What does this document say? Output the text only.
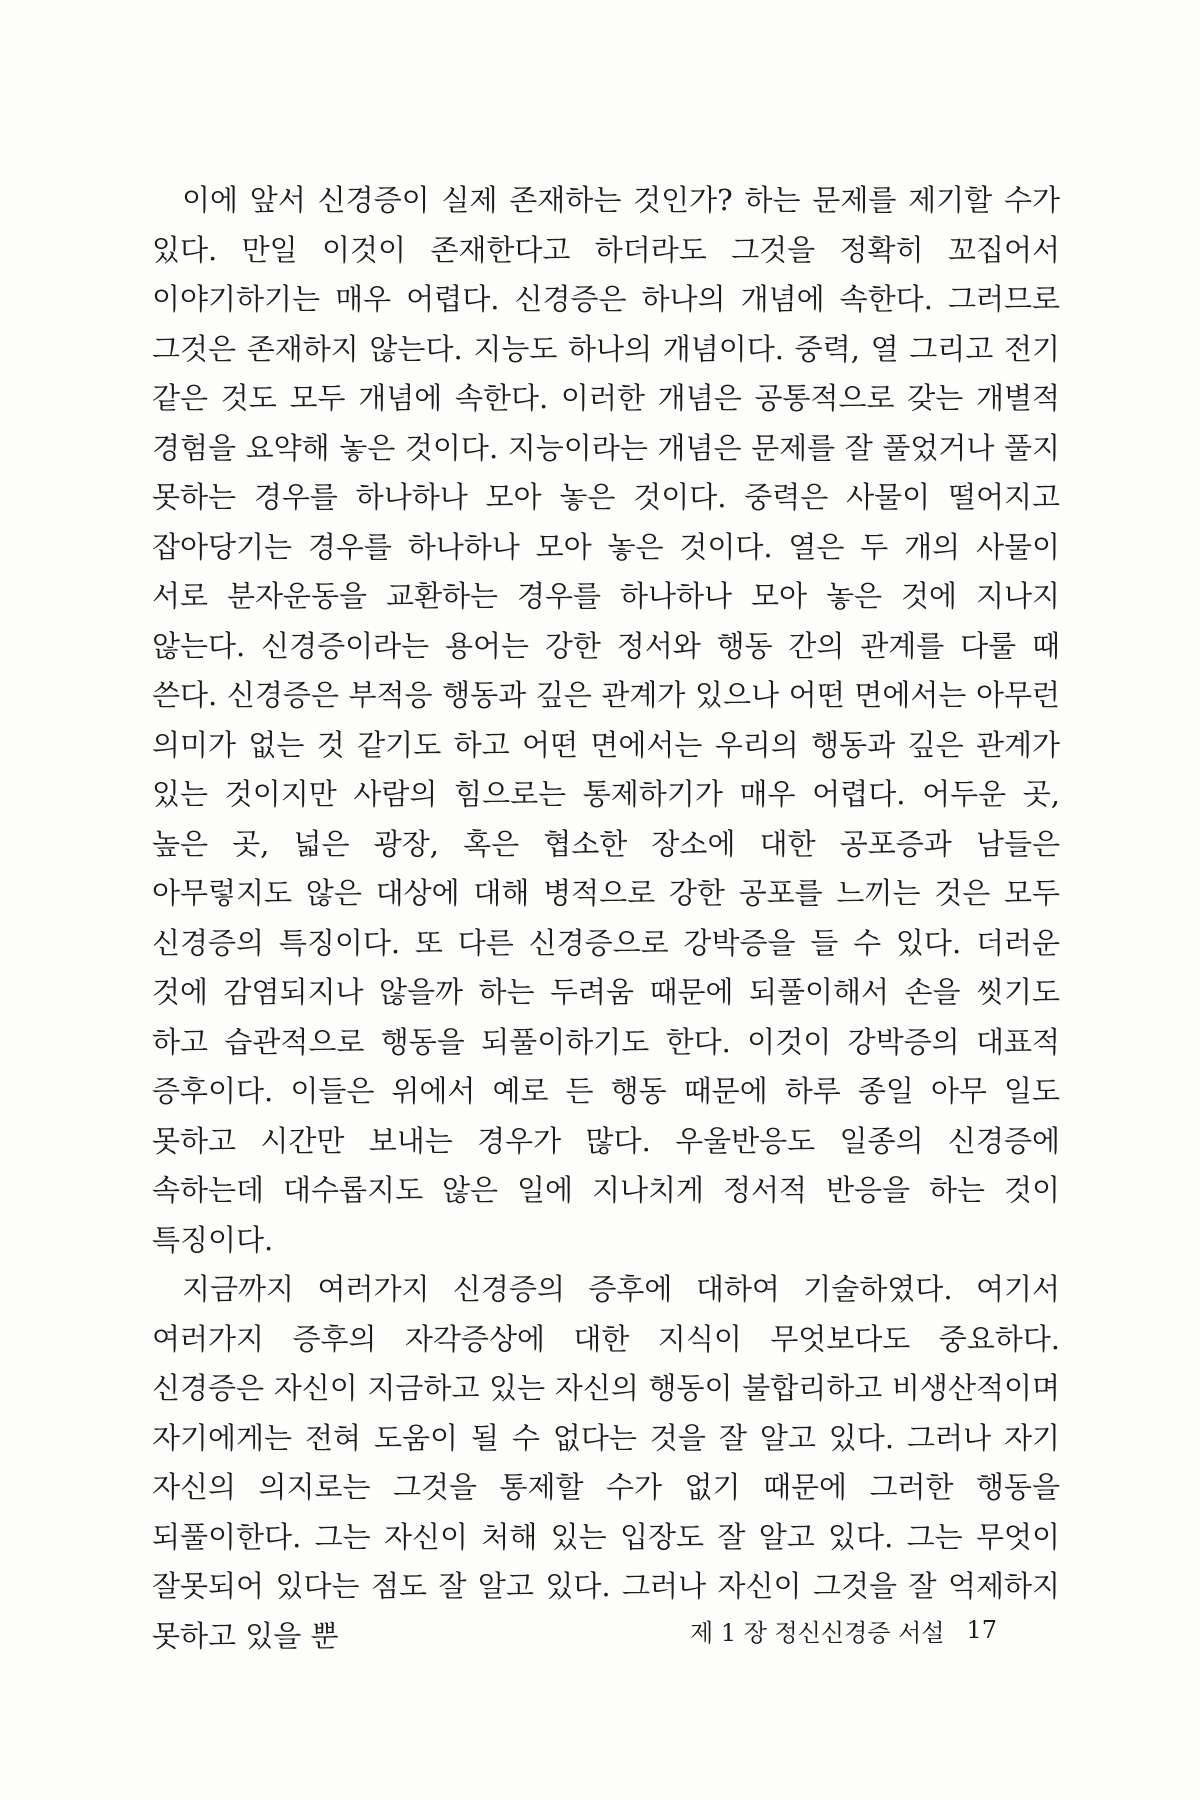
이에 앞서 신경증이 실제 존재하는 것인가? 하는 문제를 제기할 수가 있다. 만일 이것이 존재한다고 하더라도 그것을 정확히 꼬집어서 이야기하기는 매우 어렵다. 신경증은 하나의 개념에 속한다. 그러므로 그것은 존재하지 않는다. 지능도 하나의 개념이다. 중력, 열 그리고 전기 같은 것도 모두 개념에 속한다. 이러한 개념은 공통적으로 갖는 개별적 경험을 요약해 놓은 것이다. 지능이라는 개념은 문제를 잘 풀었거나 풀지 못하는 경우를 하나하나 모아 놓은 것이다. 중력은 사물이 떨어지고 잡아당기는 경우를 하나하나 모아 놓은 것이다. 열은 두 개의 사물이 서로 분자운동을 교환하는 경우를 하나하나 모아 놓은 것에 지나지 않는다. 신경증이라는 용어는 강한 정서와 행동 간의 관계를 다룰 때 쓴다. 신경증은 부적응 행동과 깊은 관계가 있으나 어떤 면에서는 아무런 의미가 없는 것 같기도 하고 어떤 면에서는 우리의 행동과 깊은 관계가 있는 것이지만 사람의 힘으로는 통제하기가 매우 어렵다. 어두운 곳, 높은 곳, 넓은 광장, 혹은 협소한 장소에 대한 공포증과 남들은 아무렇지도 않은 대상에 대해 병적으로 강한 공포를 느끼는 것은 모두 신경증의 특징이다. 또 다른 신경증으로 강박증을 들 수 있다. 더러운 것에 감염되지나 않을까 하는 두려움 때문에 되풀이해서 손을 씻기도 하고 습관적으로 행동을 되풀이하기도 한다. 이것이 강박증의 대표적 증후이다. 이들은 위에서 예로 든 행동 때문에 하루 종일 아무 일도 못하고 시간만 보내는 경우가 많다. 우울반응도 일종의 신경증에 속하는데 대수롭지도 않은 일에 지나치게 정서적 반응을 하는 것이 특징이다.

지금까지 여러가지 신경증의 증후에 대하여 기술하였다. 여기서 여러가지 증후의 자각증상에 대한 지식이 무엇보다도 중요하다. 신경증은 자신이 지금하고 있는 자신의 행동이 불합리하고 비생산적이며 자기에게는 전혀 도움이 될 수 없다는 것을 잘 알고 있다. 그러나 자기 자신의 의지로는 그것을 통제할 수가 없기 때문에 그러한 행동을 되풀이한다. 그는 자신이 처해 있는 입장도 잘 알고 있다. 그는 무엇이 잘못되어 있다는 점도 잘 알고 있다. 그러나 자신이 그것을 잘 억제하지 못하고 있을 뿐	제 1 장 정신신경증 서설 17
